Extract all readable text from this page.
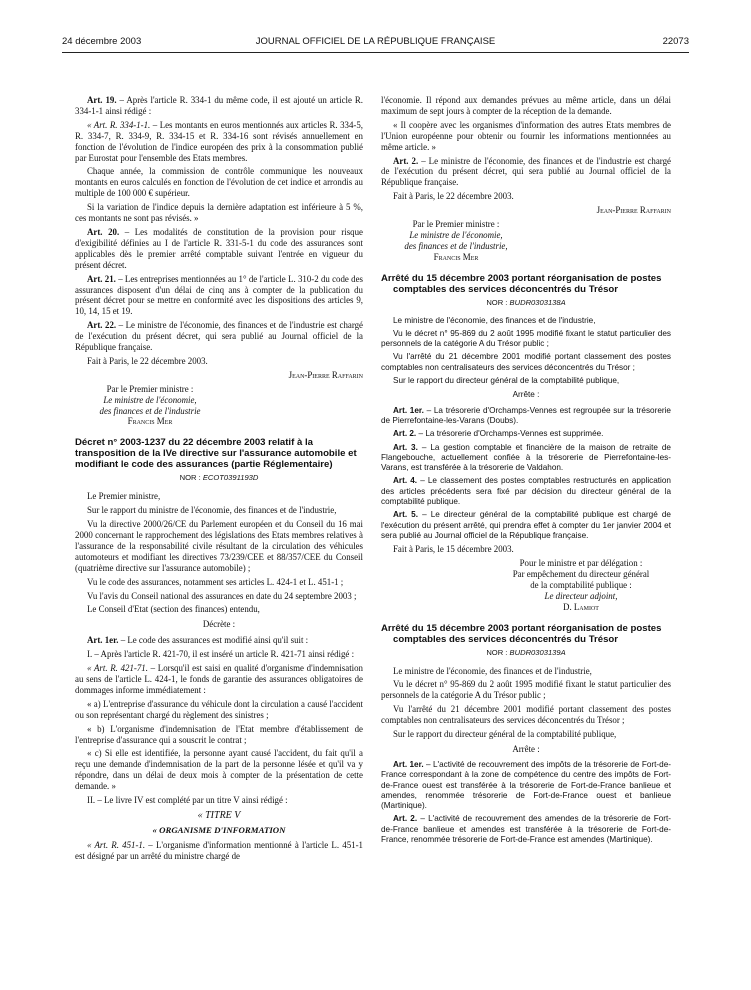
24 décembre 2003	JOURNAL OFFICIEL DE LA RÉPUBLIQUE FRANÇAISE	22073

Art. 19. – Après l'article R. 334-1 du même code, il est ajouté un article R. 334-1-1 ainsi rédigé :

« Art. R. 334-1-1. – Les montants en euros mentionnés aux articles R. 334-5, R. 334-7, R. 334-9, R. 334-15 et R. 334-16 sont révisés annuellement en fonction de l'évolution de l'indice européen des prix à la consommation publié par Eurostat pour l'ensemble des Etats membres.

Chaque année, la commission de contrôle communique les nouveaux montants en euros calculés en fonction de l'évolution de cet indice et arrondis au multiple de 100 000 € supérieur.

Si la variation de l'indice depuis la dernière adaptation est inférieure à 5 %, ces montants ne sont pas révisés. »

Art. 20. – Les modalités de constitution de la provision pour risque d'exigibilité définies au I de l'article R. 331-5-1 du code des assurances sont applicables dès le premier arrêté comptable suivant l'entrée en vigueur du présent décret.

Art. 21. – Les entreprises mentionnées au 1° de l'article L. 310-2 du code des assurances disposent d'un délai de cinq ans à compter de la publication du présent décret pour se mettre en conformité avec les dispositions des articles 9, 10, 14, 15 et 19.

Art. 22. – Le ministre de l'économie, des finances et de l'industrie est chargé de l'exécution du présent décret, qui sera publié au Journal officiel de la République française.

Fait à Paris, le 22 décembre 2003.

Jean-Pierre Raffarin

Par le Premier ministre :
Le ministre de l'économie,
des finances et de l'industrie
Francis Mer
Décret n° 2003-1237 du 22 décembre 2003 relatif à la transposition de la IVe directive sur l'assurance automobile et modifiant le code des assurances (partie Réglementaire)
NOR : ECOT0391193D

Le Premier ministre,

Sur le rapport du ministre de l'économie, des finances et de l'industrie,

Vu la directive 2000/26/CE du Parlement européen et du Conseil du 16 mai 2000 concernant le rapprochement des législations des Etats membres relatives à l'assurance de la responsabilité civile résultant de la circulation des véhicules automoteurs et modifiant les directives 73/239/CEE et 88/357/CEE du Conseil (quatrième directive sur l'assurance automobile) ;

Vu le code des assurances, notamment ses articles L. 424-1 et L. 451-1 ;

Vu l'avis du Conseil national des assurances en date du 24 septembre 2003 ;

Le Conseil d'Etat (section des finances) entendu,

Décrète :

Art. 1er. – Le code des assurances est modifié ainsi qu'il suit :

I. – Après l'article R. 421-70, il est inséré un article R. 421-71 ainsi rédigé :

« Art. R. 421-71. – Lorsqu'il est saisi en qualité d'organisme d'indemnisation au sens de l'article L. 424-1, le fonds de garantie des assurances obligatoires de dommages informe immédiatement :

« a) L'entreprise d'assurance du véhicule dont la circulation a causé l'accident ou son représentant chargé du règlement des sinistres ;

« b) L'organisme d'indemnisation de l'Etat membre d'établissement de l'entreprise d'assurance qui a souscrit le contrat ;

« c) Si elle est identifiée, la personne ayant causé l'accident, du fait qu'il a reçu une demande d'indemnisation de la part de la personne lésée et qu'il va y répondre, dans un délai de deux mois à compter de la présentation de cette demande. »

II. – Le livre IV est complété par un titre V ainsi rédigé :

« TITRE V

« ORGANISME D'INFORMATION

« Art. R. 451-1. – L'organisme d'information mentionné à l'article L. 451-1 est désigné par un arrêté du ministre chargé de

l'économie. Il répond aux demandes prévues au même article, dans un délai maximum de sept jours à compter de la réception de la demande.

« Il coopère avec les organismes d'information des autres Etats membres de l'Union européenne pour obtenir ou fournir les informations mentionnées au même article. »

Art. 2. – Le ministre de l'économie, des finances et de l'industrie est chargé de l'exécution du présent décret, qui sera publié au Journal officiel de la République française.

Fait à Paris, le 22 décembre 2003.

Jean-Pierre Raffarin

Par le Premier ministre :
Le ministre de l'économie,
des finances et de l'industrie,
Francis Mer
Arrêté du 15 décembre 2003 portant réorganisation de postes comptables des services déconcentrés du Trésor
NOR : BUDR0303138A

Le ministre de l'économie, des finances et de l'industrie,

Vu le décret n° 95-869 du 2 août 1995 modifié fixant le statut particulier des personnels de la catégorie A du Trésor public ;

Vu l'arrêté du 21 décembre 2001 modifié portant classement des postes comptables non centralisateurs des services déconcentrés du Trésor ;

Sur le rapport du directeur général de la comptabilité publique,

Arrête :

Art. 1er. – La trésorerie d'Orchamps-Vennes est regroupée sur la trésorerie de Pierrefontaine-les-Varans (Doubs).

Art. 2. – La trésorerie d'Orchamps-Vennes est supprimée.

Art. 3. – La gestion comptable et financière de la maison de retraite de Flangebouche, actuellement confiée à la trésorerie de Pierrefontaine-les-Varans, est transférée à la trésorerie de Valdahon.

Art. 4. – Le classement des postes comptables restructurés en application des articles précédents sera fixé par décision du directeur général de la comptabilité publique.

Art. 5. – Le directeur général de la comptabilité publique est chargé de l'exécution du présent arrêté, qui prendra effet à compter du 1er janvier 2004 et sera publié au Journal officiel de la République française.

Fait à Paris, le 15 décembre 2003.

Pour le ministre et par délégation :
Par empêchement du directeur général
de la comptabilité publique :
Le directeur adjoint,
D. Lamiot
Arrêté du 15 décembre 2003 portant réorganisation de postes comptables des services déconcentrés du Trésor
NOR : BUDR0303139A

Le ministre de l'économie, des finances et de l'industrie,

Vu le décret n° 95-869 du 2 août 1995 modifié fixant le statut particulier des personnels de la catégorie A du Trésor public ;

Vu l'arrêté du 21 décembre 2001 modifié portant classement des postes comptables non centralisateurs des services déconcentrés du Trésor ;

Sur le rapport du directeur général de la comptabilité publique,

Arrête :

Art. 1er. – L'activité de recouvrement des impôts de la trésorerie de Fort-de-France correspondant à la zone de compétence du centre des impôts de Fort-de-France ouest est transférée à la trésorerie de Fort-de-France banlieue et amendes, renommée trésorerie de Fort-de-France ouest et banlieue (Martinique).

Art. 2. – L'activité de recouvrement des amendes de la trésorerie de Fort-de-France banlieue et amendes est transférée à la trésorerie de Fort-de-France, renommée trésorerie de Fort-de-France est amendes (Martinique).
